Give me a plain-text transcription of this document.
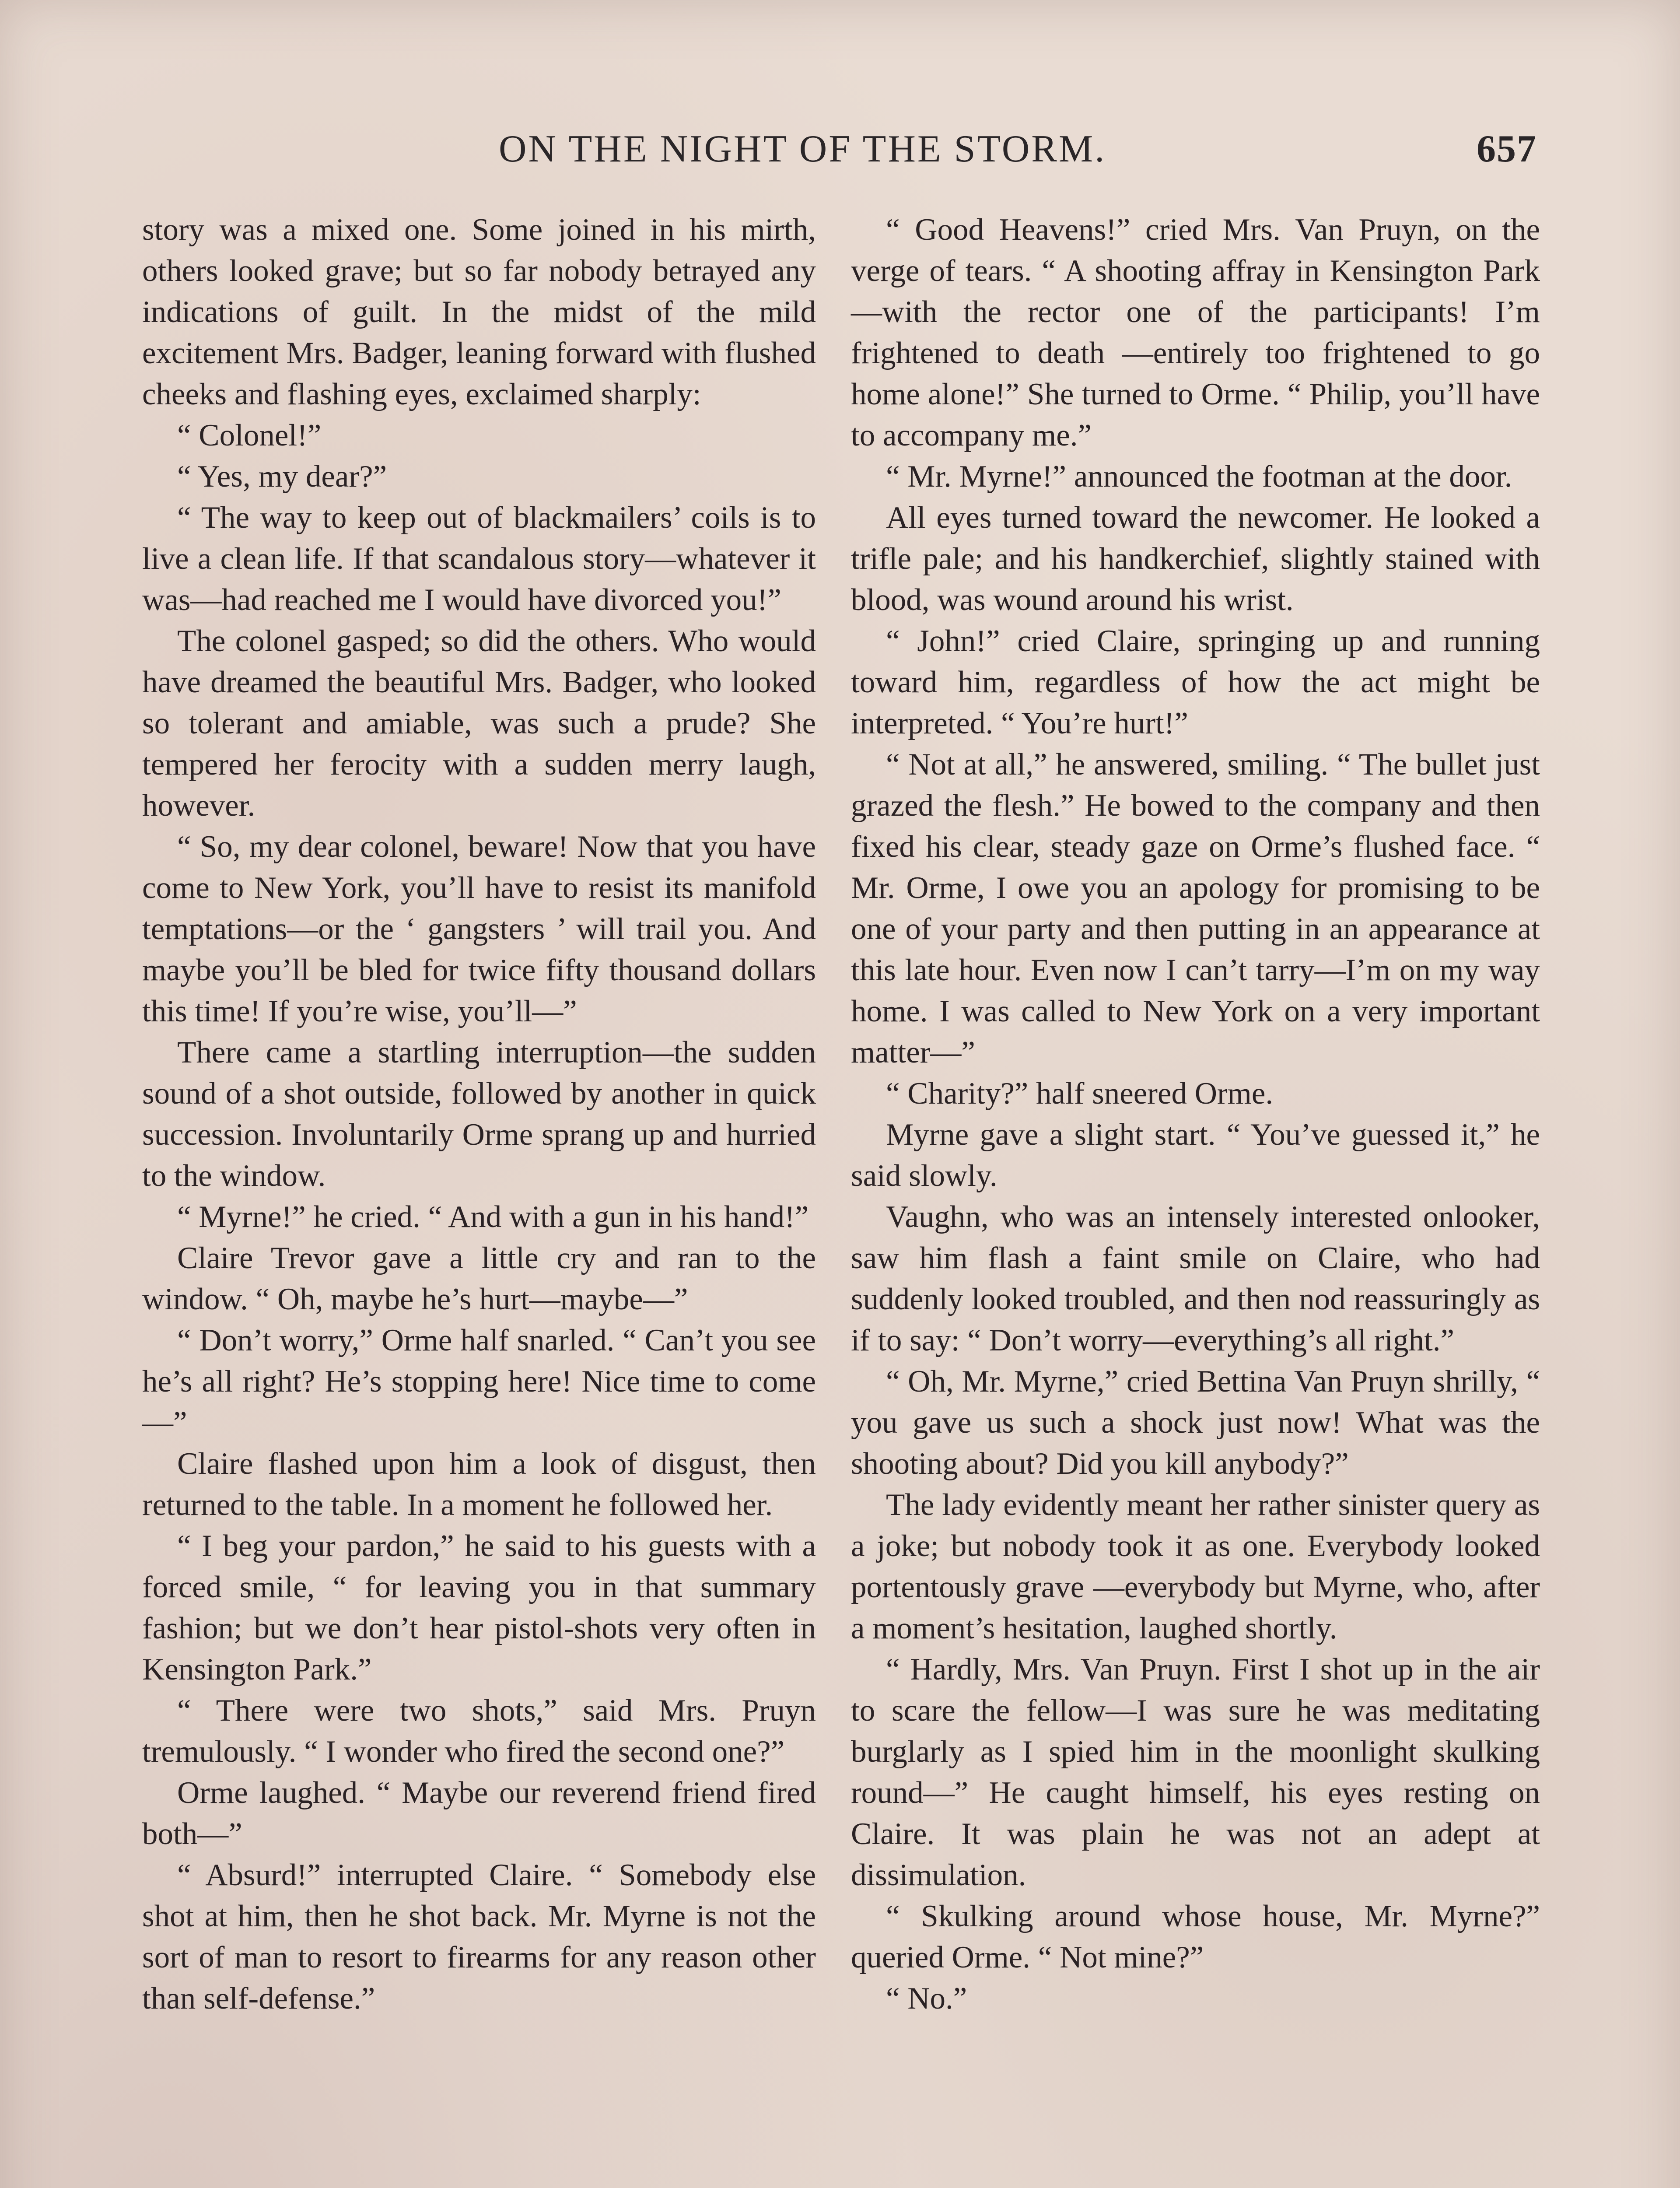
ON THE NIGHT OF THE STORM.	657

story was a mixed one. Some joined in his mirth, others looked grave; but so far nobody betrayed any indications of guilt. In the midst of the mild excitement Mrs. Badger, leaning forward with flushed cheeks and flashing eyes, exclaimed sharply:

“ Colonel!”

“ Yes, my dear?”

“ The way to keep out of blackmailers’ coils is to live a clean life. If that scandalous story—whatever it was—had reached me I would have divorced you!”

The colonel gasped; so did the others. Who would have dreamed the beautiful Mrs. Badger, who looked so tolerant and amiable, was such a prude? She tempered her ferocity with a sudden merry laugh, however.

“ So, my dear colonel, beware! Now that you have come to New York, you’ll have to resist its manifold temptations—or the ‘ gangsters ’ will trail you. And maybe you’ll be bled for twice fifty thousand dollars this time! If you’re wise, you’ll—”

There came a startling interruption—the sudden sound of a shot outside, followed by another in quick succession. Involuntarily Orme sprang up and hurried to the window.

“ Myrne!” he cried. “ And with a gun in his hand!”

Claire Trevor gave a little cry and ran to the window. “ Oh, maybe he’s hurt—maybe—”

“ Don’t worry,” Orme half snarled. “ Can’t you see he’s all right? He’s stopping here! Nice time to come—”

Claire flashed upon him a look of disgust, then returned to the table. In a moment he followed her.

“ I beg your pardon,” he said to his guests with a forced smile, “ for leaving you in that summary fashion; but we don’t hear pistol-shots very often in Kensington Park.”

“ There were two shots,” said Mrs. Pruyn tremulously. “ I wonder who fired the second one?”

Orme laughed. “ Maybe our reverend friend fired both—”

“ Absurd!” interrupted Claire. “ Somebody else shot at him, then he shot back. Mr. Myrne is not the sort of man to resort to firearms for any reason other than self-defense.”

“ Good Heavens!” cried Mrs. Van Pruyn, on the verge of tears. “ A shooting affray in Kensington Park—with the rector one of the participants! I’m frightened to death —entirely too frightened to go home alone!” She turned to Orme. “ Philip, you’ll have to accompany me.”

“ Mr. Myrne!” announced the footman at the door.

All eyes turned toward the newcomer. He looked a trifle pale; and his handkerchief, slightly stained with blood, was wound around his wrist.

“ John!” cried Claire, springing up and running toward him, regardless of how the act might be interpreted. “ You’re hurt!”

“ Not at all,” he answered, smiling. “ The bullet just grazed the flesh.” He bowed to the company and then fixed his clear, steady gaze on Orme’s flushed face. “ Mr. Orme, I owe you an apology for promising to be one of your party and then putting in an appearance at this late hour. Even now I can’t tarry—I’m on my way home. I was called to New York on a very important matter—”

“ Charity?” half sneered Orme.

Myrne gave a slight start. “ You’ve guessed it,” he said slowly.

Vaughn, who was an intensely interested onlooker, saw him flash a faint smile on Claire, who had suddenly looked troubled, and then nod reassuringly as if to say: “ Don’t worry—everything’s all right.”

“ Oh, Mr. Myrne,” cried Bettina Van Pruyn shrilly, “ you gave us such a shock just now! What was the shooting about? Did you kill anybody?”

The lady evidently meant her rather sinister query as a joke; but nobody took it as one. Everybody looked portentously grave —everybody but Myrne, who, after a moment’s hesitation, laughed shortly.

“ Hardly, Mrs. Van Pruyn. First I shot up in the air to scare the fellow—I was sure he was meditating burglarly as I spied him in the moonlight skulking round—” He caught himself, his eyes resting on Claire. It was plain he was not an adept at dissimulation.

“ Skulking around whose house, Mr. Myrne?” queried Orme. “ Not mine?”

“ No.”
